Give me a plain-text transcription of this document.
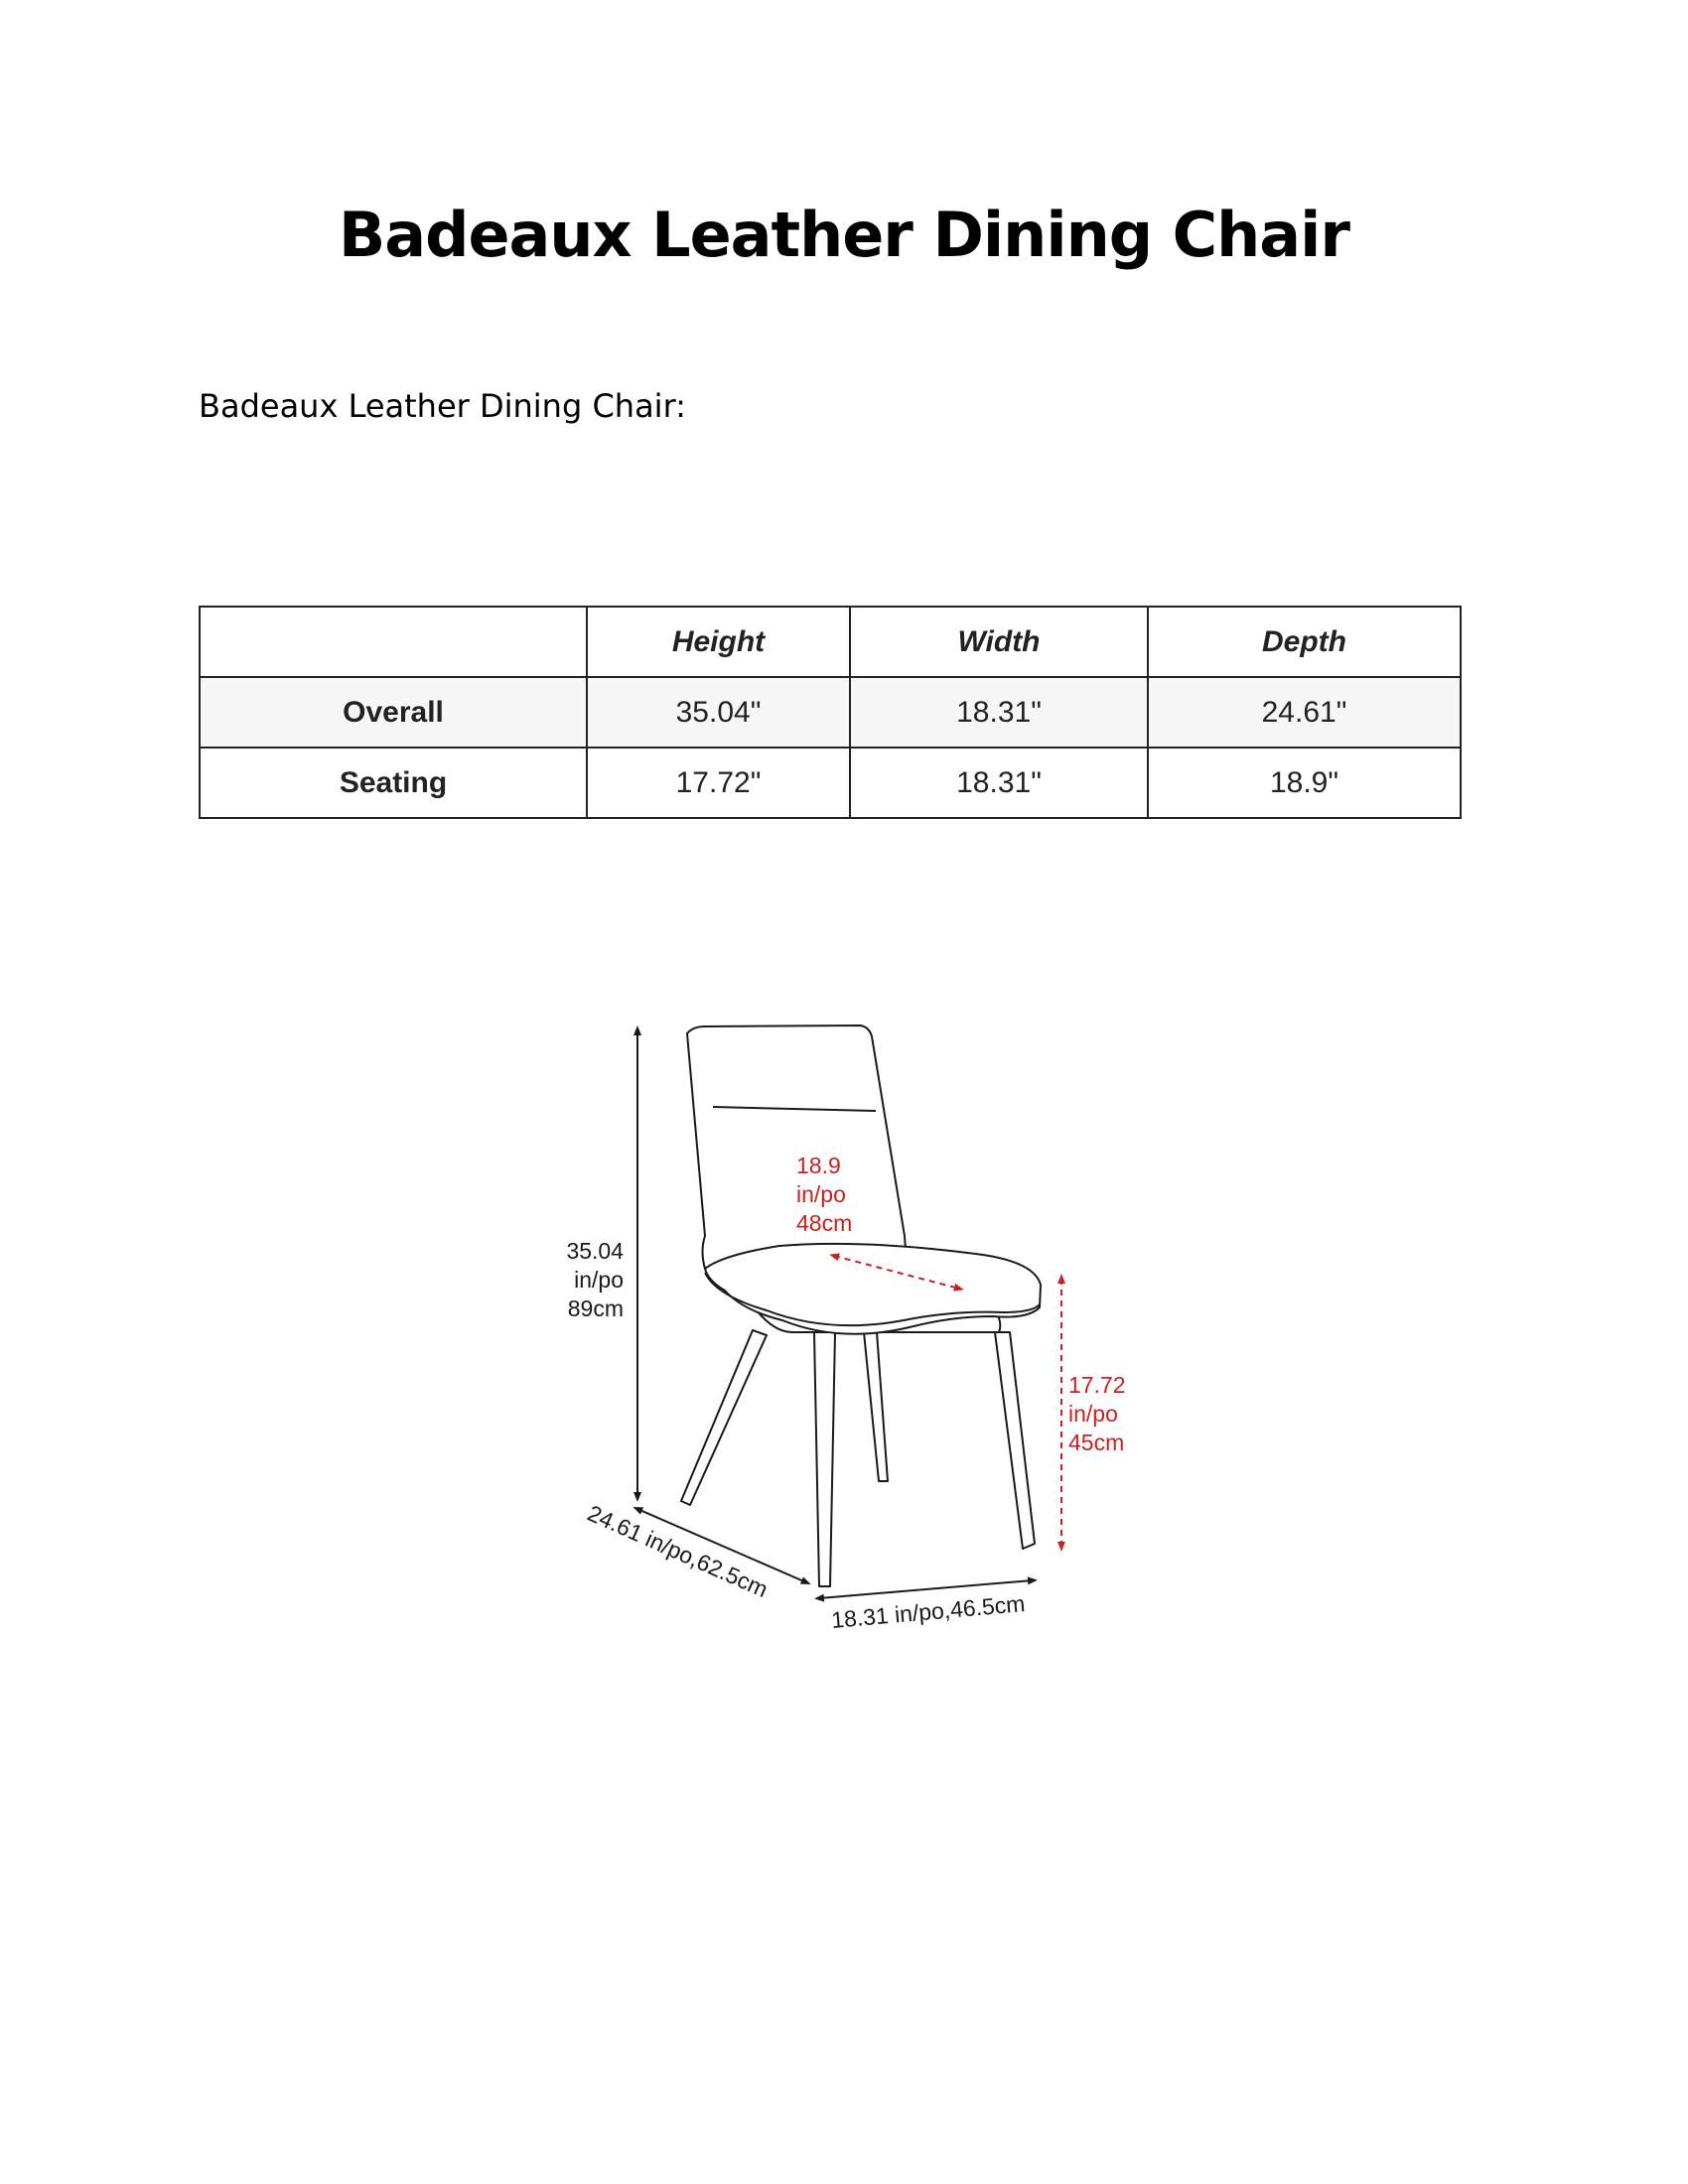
Badeaux Leather Dining Chair
Badeaux Leather Dining Chair:
	Height	Width	Depth
Overall	35.04"	18.31"	24.61"
Seating	17.72"	18.31"	18.9"
35.04
in/po
89cm
18.9
in/po
48cm
17.72
in/po
45cm
24.61 in/po,62.5cm
18.31 in/po,46.5cm
